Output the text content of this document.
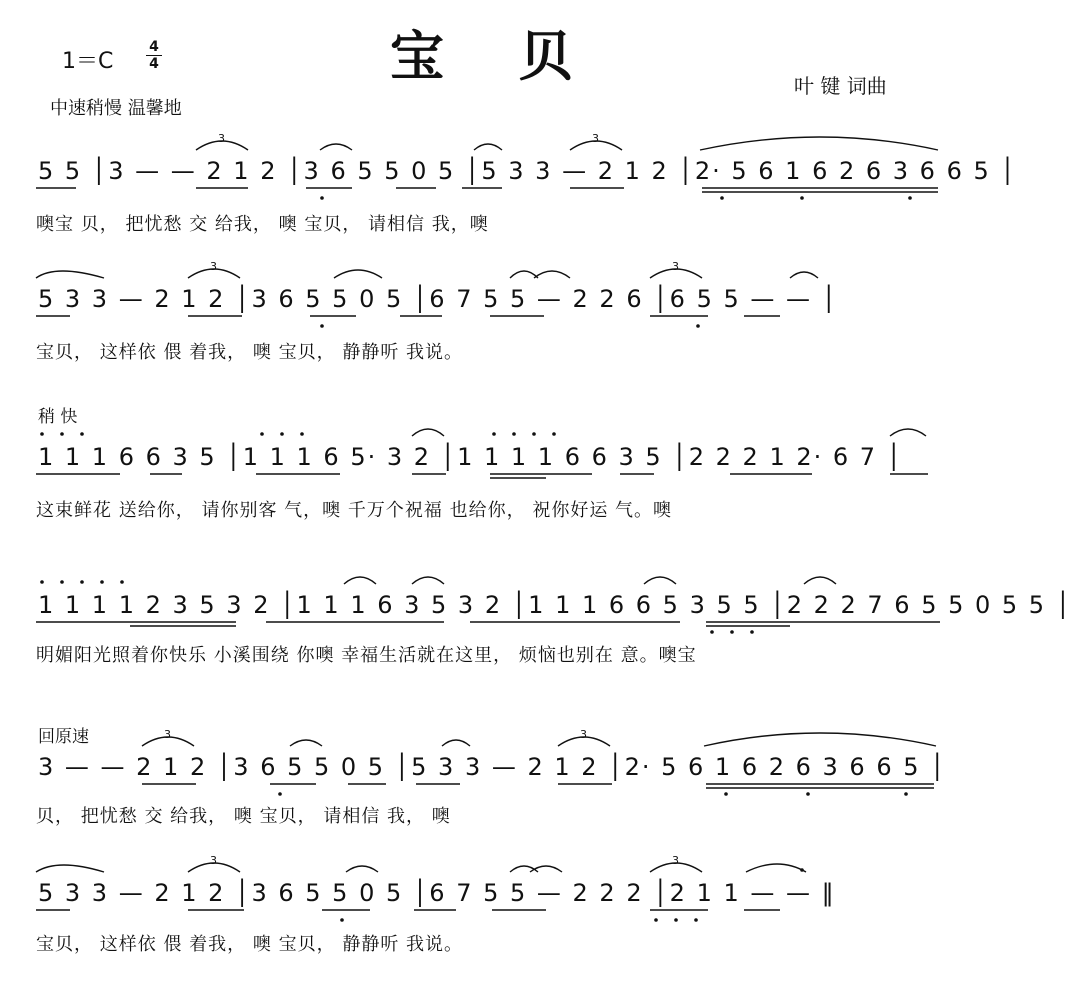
宝 贝
1＝C
4
4
中速稍慢 温馨地
叶 键 词曲
稍 快
回原速
5 5 │3 — — 2 1 2 │3 6 5 5 0 5 │5 3 3 — 2 1 2 │2· 5 6 1 6 2 6 3 6 6 5 │
噢宝 贝， 把忧愁 交 给我， 噢 宝贝， 请相信 我，噢
5 3 3 — 2 1 2 │3 6 5 5 0 5 │6 7 5 5 — 2 2 6 │6 5 5 — — │
宝贝， 这样依 偎 着我， 噢 宝贝， 静静听 我说。
1 1 1 6 6 3 5 │1 1 1 6 5· 3 2 │1 1 1 1 6 6 3 5 │2 2 2 1 2· 6 7 │
这束鲜花 送给你， 请你别客 气，噢 千万个祝福 也给你， 祝你好运 气。噢
1 1 1 1 2 3 5 3 2 │1 1 1 6 3 5 3 2 │1 1 1 6 6 5 3 5 5 │2 2 2 7 6 5 5 0 5 5 │
明媚阳光照着你快乐 小溪围绕 你噢 幸福生活就在这里， 烦恼也别在 意。噢宝
3 — — 2 1 2 │3 6 5 5 0 5 │5 3 3 — 2 1 2 │2· 5 6 1 6 2 6 3 6 6 5 │
贝， 把忧愁 交 给我， 噢 宝贝， 请相信 我， 噢
5 3 3 — 2 1 2 │3 6 5 5 0 5 │6 7 5 5 — 2 2 2 │2 1 1 — — ‖
宝贝， 这样依 偎 着我， 噢 宝贝， 静静听 我说。
3	3
3	3
3	3
3	3
